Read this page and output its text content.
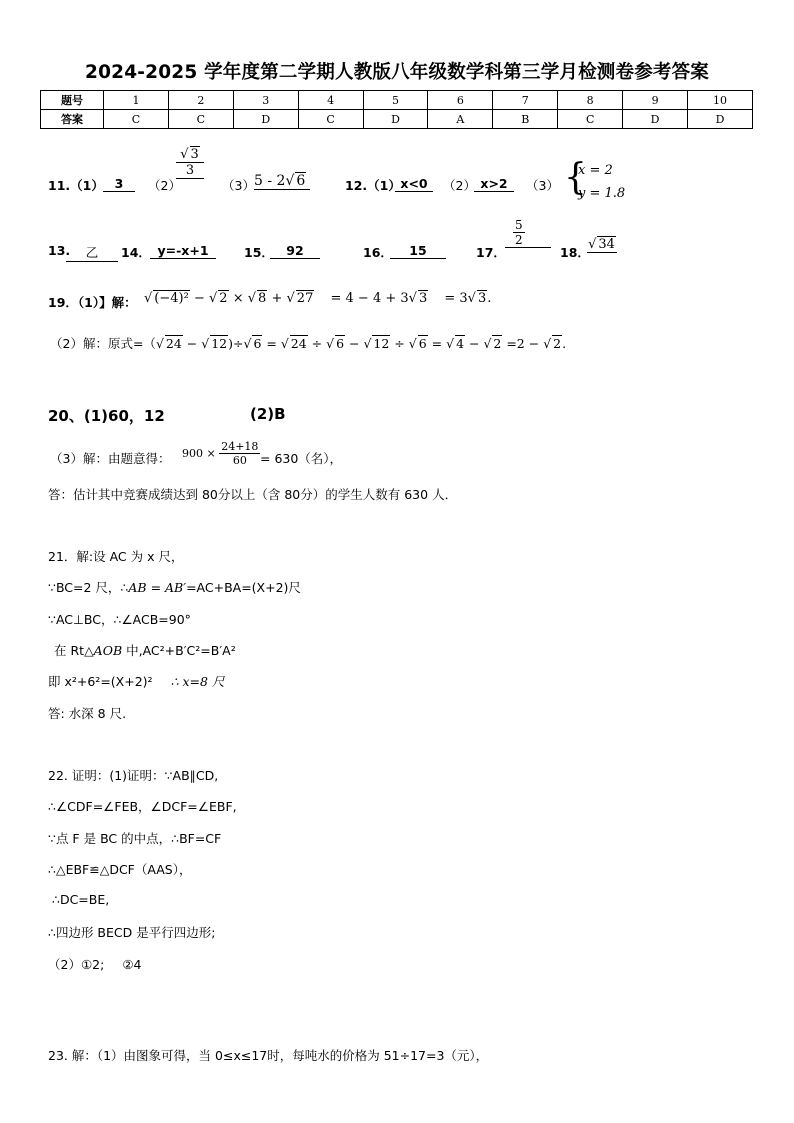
2024-2025 学年度第二学期人教版八年级数学科第三学月检测卷参考答案
题号	1	2	3	4	5	6	7	8	9	10
答案	C	C	D	C	D	A	B	C	D	D
11.（1） 3	（2）
$\frac{√ 3}{3}$
（3） 5 - 2√ 6	12.（1） x<0	（2） x>2	（3） {
x = 2
y = 1.8
13.	乙	14． y=-x+1	15． 92	16．	15	17．
5
2
18．
√ 34
19．（1）】解： √ (−4)² − √ 2 × √ 8 + √ 27 = 4 − 4 + 3√ 3 = 3√ 3.
（2）解：原式=（√ 24 − √ 12)÷√ 6 = √ 24 ÷ √ 6 − √ 12 ÷ √ 6 = √ 4 − √ 2 =2 − √ 2.
20、(1)60，12	(2)B
（3）解：由题意得： $900 \times \frac{24+18}{60} = 630$（名），
答：估计其中竞赛成绩达到 80分以上（含 80分）的学生人数有 630 人．
21．解:设 AC 为 x 尺，
∵BC=2 尺，∴AB = AB′=AC+BA=(X+2)尺
∵AC⊥BC，∴∠ACB=90°
在 Rt△AOB 中,AC²+B′C²=B′A²
即 x²+6²=(X+2)² ∴ x=8 尺
答: 水深 8 尺.
22. 证明：(1)证明：∵AB∥CD,
∴∠CDF=∠FEB，∠DCF=∠EBF,
∵点 F 是 BC 的中点，∴BF=CF
∴△EBF≌△DCF（AAS），
∴DC=BE,
∴四边形 BECD 是平行四边形;
（2）①2; ②4
23. 解：（1）由图象可得，当 0≤x≤17时，每吨水的价格为 51÷17=3（元），
